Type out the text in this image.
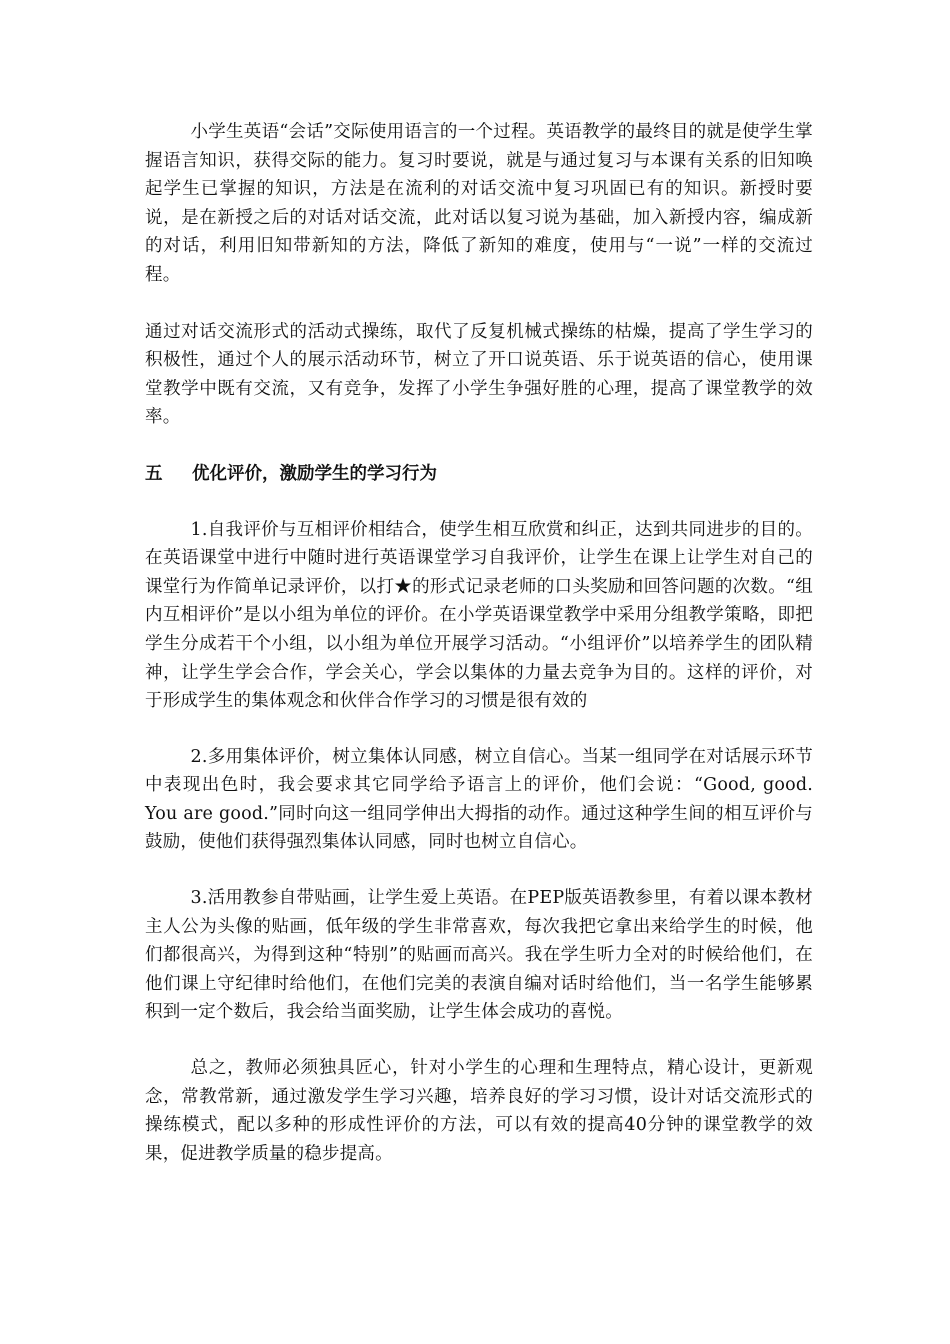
小学生英语“会话”交际使用语言的一个过程。英语教学的最终目的就是使学生掌握语言知识，获得交际的能力。复习时要说，就是与通过复习与本课有关系的旧知唤起学生已掌握的知识，方法是在流利的对话交流中复习巩固已有的知识。新授时要说，是在新授之后的对话对话交流，此对话以复习说为基础，加入新授内容，编成新的对话，利用旧知带新知的方法，降低了新知的难度，使用与“一说”一样的交流过程。

通过对话交流形式的活动式操练，取代了反复机械式操练的枯燥，提高了学生学习的积极性，通过个人的展示活动环节，树立了开口说英语、乐于说英语的信心，使用课堂教学中既有交流，又有竞争，发挥了小学生争强好胜的心理，提高了课堂教学的效率。

五	优化评价，激励学生的学习行为

1.自我评价与互相评价相结合，使学生相互欣赏和纠正，达到共同进步的目的。在英语课堂中进行中随时进行英语课堂学习自我评价，让学生在课上让学生对自己的课堂行为作简单记录评价，以打★的形式记录老师的口头奖励和回答问题的次数。“组内互相评价”是以小组为单位的评价。在小学英语课堂教学中采用分组教学策略，即把学生分成若干个小组，以小组为单位开展学习活动。“小组评价”以培养学生的团队精神，让学生学会合作，学会关心，学会以集体的力量去竞争为目的。这样的评价，对于形成学生的集体观念和伙伴合作学习的习惯是很有效的

2.多用集体评价，树立集体认同感，树立自信心。当某一组同学在对话展示环节中表现出色时，我会要求其它同学给予语言上的评价，他们会说：“Good, good. You are good.”同时向这一组同学伸出大拇指的动作。通过这种学生间的相互评价与鼓励，使他们获得强烈集体认同感，同时也树立自信心。

3.活用教参自带贴画，让学生爱上英语。在PEP版英语教参里，有着以课本教材主人公为头像的贴画，低年级的学生非常喜欢，每次我把它拿出来给学生的时候，他们都很高兴，为得到这种“特别”的贴画而高兴。我在学生听力全对的时候给他们，在他们课上守纪律时给他们，在他们完美的表演自编对话时给他们，当一名学生能够累积到一定个数后，我会给当面奖励，让学生体会成功的喜悦。

总之，教师必须独具匠心，针对小学生的心理和生理特点，精心设计，更新观念，常教常新，通过激发学生学习兴趣，培养良好的学习习惯，设计对话交流形式的操练模式，配以多种的形成性评价的方法，可以有效的提高40分钟的课堂教学的效果，促进教学质量的稳步提高。
